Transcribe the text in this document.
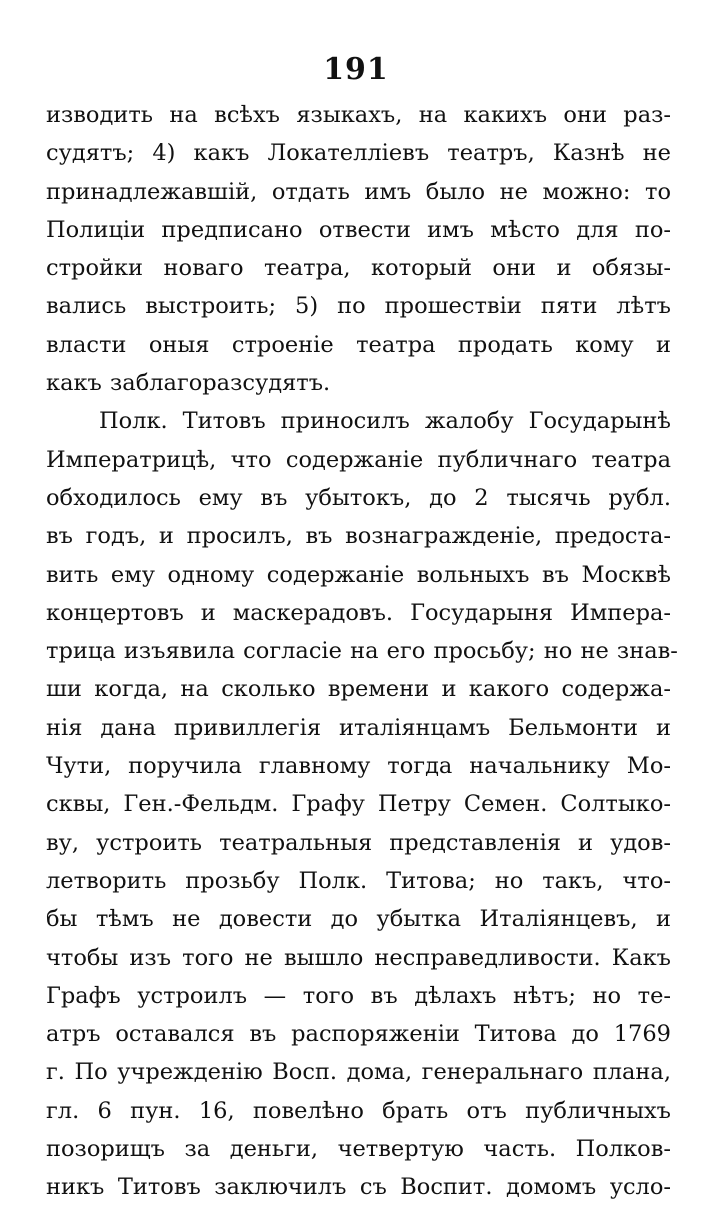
191
изводить на всѣхъ языкахъ, на какихъ они раз-
судятъ; 4) какъ Локателліевъ театръ, Казнѣ не
принадлежавшій, отдать имъ было не можно: то
Полиціи предписано отвести имъ мѣсто для по-
стройки новаго театра, который они и обязы-
вались выстроить; 5) по прошествіи пяти лѣтъ
власти оныя строеніе театра продать кому и
какъ заблагоразсудятъ.
Полк. Титовъ приносилъ жалобу Государынѣ
Императрицѣ, что содержаніе публичнаго театра
обходилось ему въ убытокъ, до 2 тысячь рубл.
въ годъ, и просилъ, въ вознагражденіе, предоста-
вить ему одному содержаніе вольныхъ въ Москвѣ
концертовъ и маскерадовъ. Государыня Импера-
трица изъявила согласіе на его просьбу; но не знав-
ши когда, на сколько времени и какого содержа-
нія дана привиллегія италіянцамъ Бельмонти и
Чути, поручила главному тогда начальнику Мо-
сквы, Ген.-Фельдм. Графу Петру Семен. Солтыко-
ву, устроить театральныя представленія и удов-
летворить прозьбу Полк. Титова; но такъ, что-
бы тѣмъ не довести до убытка Италіянцевъ, и
чтобы изъ того не вышло несправедливости. Какъ
Графъ устроилъ — того въ дѣлахъ нѣтъ; но те-
атръ оставался въ распоряженіи Титова до 1769
г. По учрежденію Восп. дома, генеральнаго плана,
гл. 6 пун. 16, повелѣно брать отъ публичныхъ
позорищъ за деньги, четвертую часть. Полков-
никъ Титовъ заключилъ съ Воспит. домомъ усло-
